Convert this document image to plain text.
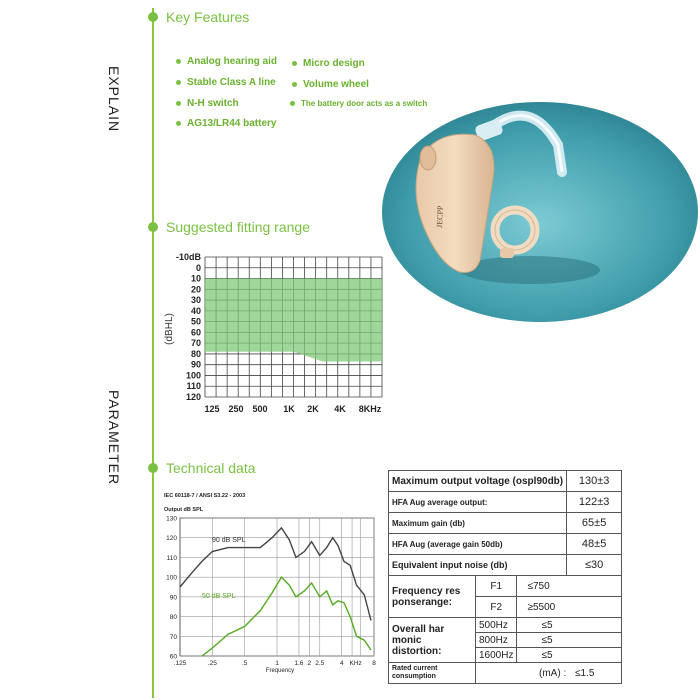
EXPLAIN
PARAMETER
Key Features
Suggested fitting range
Technical data
Analog hearing aid	Micro design
Stable Class A line	Volume wheel
N-H switch	The battery door acts as a switch
AG13/LR44 battery
JECPP
-10dB
0
10
20
30
40
50
60
70
80
90
100
110
120
125 250 500 1K 2K 4K 8KHz
(dBHL)
IEC 60118-7 / ANSI S3.22 - 2003
Output dB SPL
60
70
80
90
100
110
120
130
.125	.25	.5	1 1.6 2 2.5 4 KHz 8
90 dB SPL
50 dB SPL
Frequency
Maximum output voltage (ospl90db)			130±3
HFA Aug average output:			122±3
Maximum gain (db)			65±5
HFA Aug (average gain 50db)			48±5
Equivalent input noise (db)			≤30

Frequency res
ponserange:	F1	≤750	
	F2	≥5500	

Overall har
monic
distortion:	500Hz	≤5	
	800Hz	≤5	
	1600Hz	≤5	

Rated current
consumption	(mA) : ≤1.5		
